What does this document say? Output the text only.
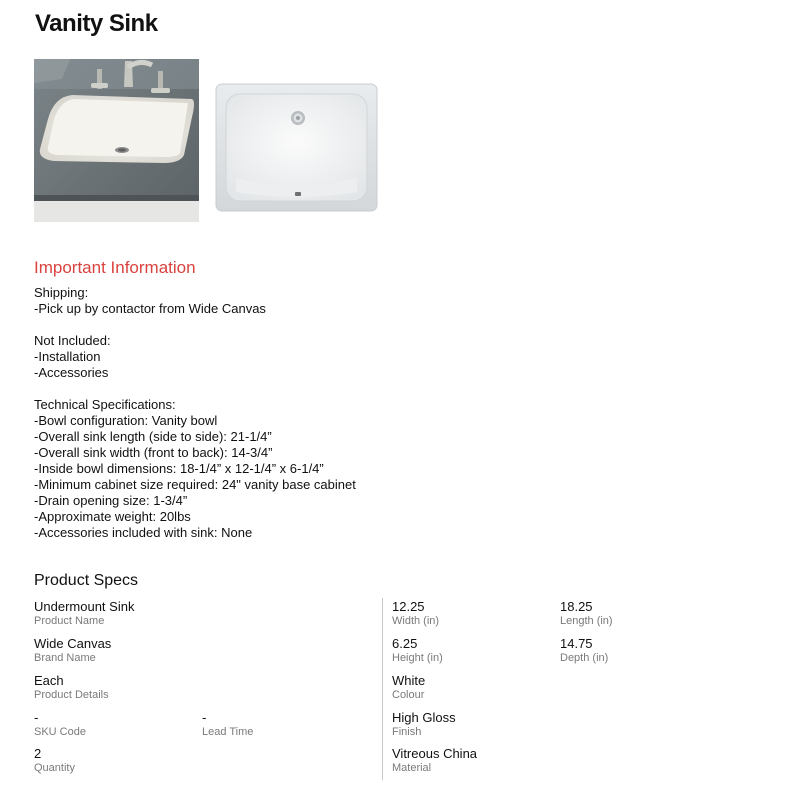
Vanity Sink
Important Information
Shipping:
-Pick up by contactor from Wide Canvas
Not Included:
-Installation
-Accessories
Technical Specifications:
-Bowl configuration: Vanity bowl
-Overall sink length (side to side): 21-1/4”
-Overall sink width (front to back): 14-3/4”
-Inside bowl dimensions: 18-1/4” x 12-1/4” x 6-1/4”
-Minimum cabinet size required: 24" vanity base cabinet
-Drain opening size: 1-3/4”
-Approximate weight: 20lbs
-Accessories included with sink: None
Product Specs
Undermount Sink
Product Name
Wide Canvas
Brand Name
Each
Product Details
-
SKU Code
-
Lead Time
2
Quantity
12.25
Width (in)
18.25
Length (in)
6.25
Height (in)
14.75
Depth (in)
White
Colour
High Gloss
Finish
Vitreous China
Material
